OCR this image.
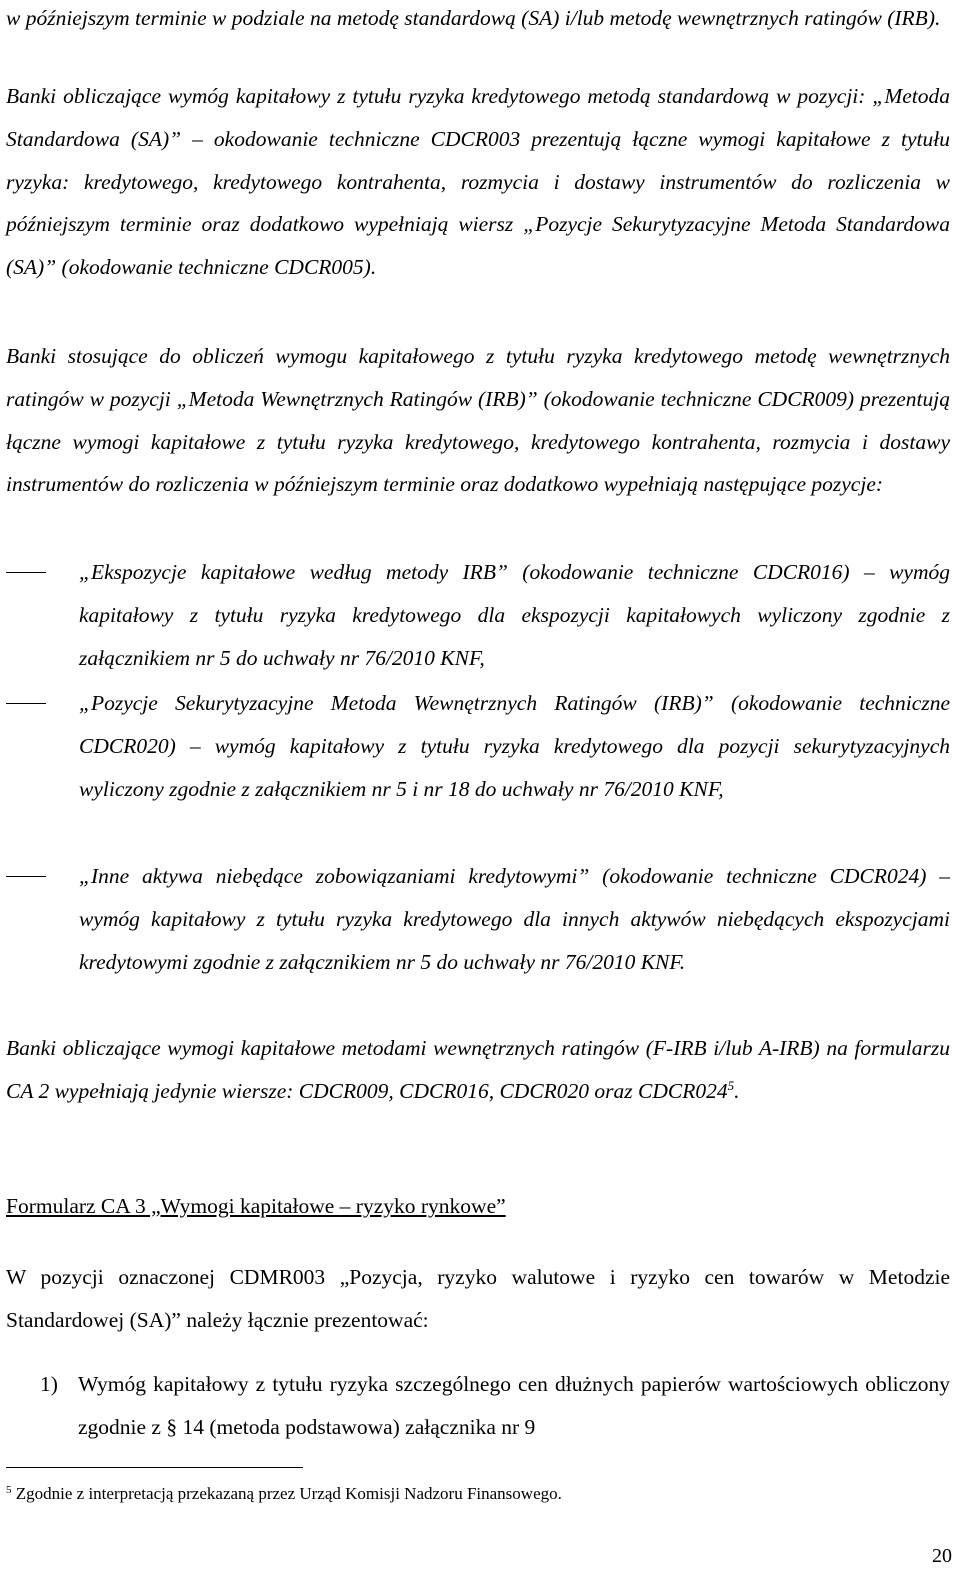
w późniejszym terminie w podziale na metodę standardową (SA) i/lub metodę wewnętrznych ratingów (IRB).
Banki obliczające wymóg kapitałowy z tytułu ryzyka kredytowego metodą standardową w pozycji: „Metoda Standardowa (SA)” – okodowanie techniczne CDCR003 prezentują łączne wymogi kapitałowe z tytułu ryzyka: kredytowego, kredytowego kontrahenta, rozmycia i dostawy instrumentów do rozliczenia w późniejszym terminie oraz dodatkowo wypełniają wiersz „Pozycje Sekurytyzacyjne Metoda Standardowa (SA)” (okodowanie techniczne CDCR005).
Banki stosujące do obliczeń wymogu kapitałowego z tytułu ryzyka kredytowego metodę wewnętrznych ratingów w pozycji „Metoda Wewnętrznych Ratingów (IRB)” (okodowanie techniczne CDCR009) prezentują łączne wymogi kapitałowe z tytułu ryzyka kredytowego, kredytowego kontrahenta, rozmycia i dostawy instrumentów do rozliczenia w późniejszym terminie oraz dodatkowo wypełniają następujące pozycje:
„Ekspozycje kapitałowe według metody IRB” (okodowanie techniczne CDCR016) – wymóg kapitałowy z tytułu ryzyka kredytowego dla ekspozycji kapitałowych wyliczony zgodnie z załącznikiem nr 5 do uchwały nr 76/2010 KNF,
„Pozycje Sekurytyzacyjne Metoda Wewnętrznych Ratingów (IRB)” (okodowanie techniczne CDCR020) – wymóg kapitałowy z tytułu ryzyka kredytowego dla pozycji sekurytyzacyjnych wyliczony zgodnie z załącznikiem nr 5 i nr 18 do uchwały nr 76/2010 KNF,
„Inne aktywa niebędące zobowiązaniami kredytowymi” (okodowanie techniczne CDCR024) – wymóg kapitałowy z tytułu ryzyka kredytowego dla innych aktywów niebędących ekspozycjami kredytowymi zgodnie z załącznikiem nr 5 do uchwały nr 76/2010 KNF.
Banki obliczające wymogi kapitałowe metodami wewnętrznych ratingów (F-IRB i/lub A-IRB) na formularzu CA 2 wypełniają jedynie wiersze: CDCR009, CDCR016, CDCR020 oraz CDCR024$^5$.
Formularz CA 3 „Wymogi kapitałowe – ryzyko rynkowe”
W pozycji oznaczonej CDMR003 „Pozycja, ryzyko walutowe i ryzyko cen towarów w Metodzie Standardowej (SA)” należy łącznie prezentować:
1) Wymóg kapitałowy z tytułu ryzyka szczególnego cen dłużnych papierów wartościowych obliczony zgodnie z § 14 (metoda podstawowa) załącznika nr 9
$^5$ Zgodnie z interpretacją przekazaną przez Urząd Komisji Nadzoru Finansowego.
20
